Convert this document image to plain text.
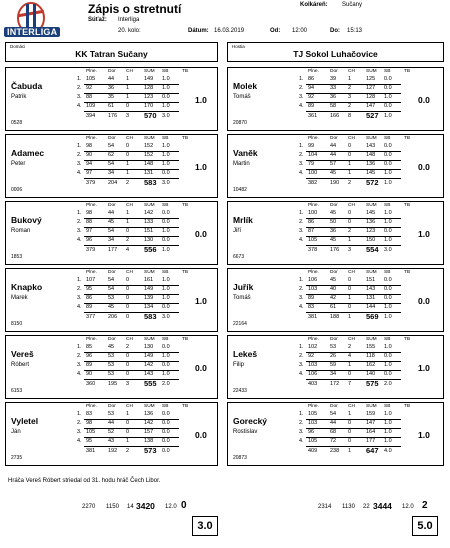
INTERLIGA
Zápis o stretnutí
Súťaž: Interliga
20. kolo:	Dátum: 16.03.2019	Od: 12:00	Do: 15:13
Kolkáreň: Sučany
Domáci
KK Tatran Sučany
Hostia
TJ Sokol Luhačovice
Čabuda
Patrik
0528
1.0
Plne. Dor CH SUM SB	TB
1. 105 44 1	149 1.0
2. 92	36 1	128 1.0
3. 88	35 1	123 0.0
4. 109 61 0	170 1.0
394 176 3 570 3.0
Molek
Tomáš
20870
0.0
Plne. Dor CH SUM SB	TB
1. 86	39 1	125 0.0
2. 94	33 2	127 0.0
3. 92	36 3	128 1.0
4. 89	58 2	147 0.0
361 166 8 527 1.0
Adamec
Peter
0006
1.0
Plne. Dor CH SUM SB	TB
1. 98	54 0	152 1.0
2. 90	62 0	152 1.0
3. 94	54 1	148 1.0
4. 97	34 1	131 0.0
379 204 2 583 3.0
Vaněk
Martin
10482
0.0
Plne. Dor CH SUM SB	TB
1. 99	44 0	143 0.0
2. 104 44 0	148 0.0
3. 79	57 1	136 0.0
4. 100 45 1	145 1.0
382 190 2 572 1.0
Bukový
Roman
1853
0.0
Plne. Dor CH SUM SB	TB
1. 98	44 1	142 0.0
2. 88	45 1	133 0.0
3. 97	54 0	151 1.0
4. 96	34 2	130 0.0
379 177 4 556 1.0
Mrlík
Jiří
6673
1.0
Plne. Dor CH SUM SB	TB
1. 100 45 0	145 1.0
2. 86	50 0	136 1.0
3. 87	36 2	123 0.0
4. 105 45 1	150 1.0
378 176 3 554 3.0
Knapko
Marek
8150
1.0
Plne. Dor CH SUM SB	TB
1. 107 54 0	161 1.0
2. 95	54 0	149 1.0
3. 86	53 0	139 1.0
4. 89	45 0	134 0.0
377 206 0 583 3.0
Juřík
Tomáš
22164
0.0
Plne. Dor CH SUM SB	TB
1. 106 45 0	151 0.0
2. 103 40 0	143 0.0
3. 89	42 1	131 0.0
4. 83	61 0	144 1.0
381 188 1 569 1.0
Vereš
Róbert
6153
0.0
Plne. Dor CH SUM SB	TB
1. 85	45 2	130 0.0
2. 96	53 0	149 1.0
3. 89	53 0	142 0.0
4. 90	53 0	143 1.0
360 195 3 555 2.0
Lekeš
Filip
22433
1.0
Plne. Dor CH SUM SB	TB
1. 102 53 2	155 1.0
2. 92	26 4	118 0.0
3. 103 59 1	162 1.0
4. 106 34 0	140 0.0
403 172 7 575 2.0
Vyletel
Ján
2735
0.0
Plne. Dor CH SUM SB	TB
1. 83	53 1	136 0.0
2. 98	44 0	142 0.0
3. 105 52 0	157 0.0
4. 95	43 1	138 0.0
381 192 2 573 0.0
Gorecký
Rostislav
20873
1.0
Plne. Dor CH SUM SB	TB
1. 105 54 1	159 1.0
2. 103 44 0	147 1.0
3. 96	68 0	164 1.0
4. 105 72 0	177 1.0
409 238 1 647 4.0
Hráča Vereš Róbert striedal od 31. hodu hráč Čech Libor.
2270 1150 14 3420 12.0 0
3.0
2314 1130 22 3444 12.0 2
5.0
